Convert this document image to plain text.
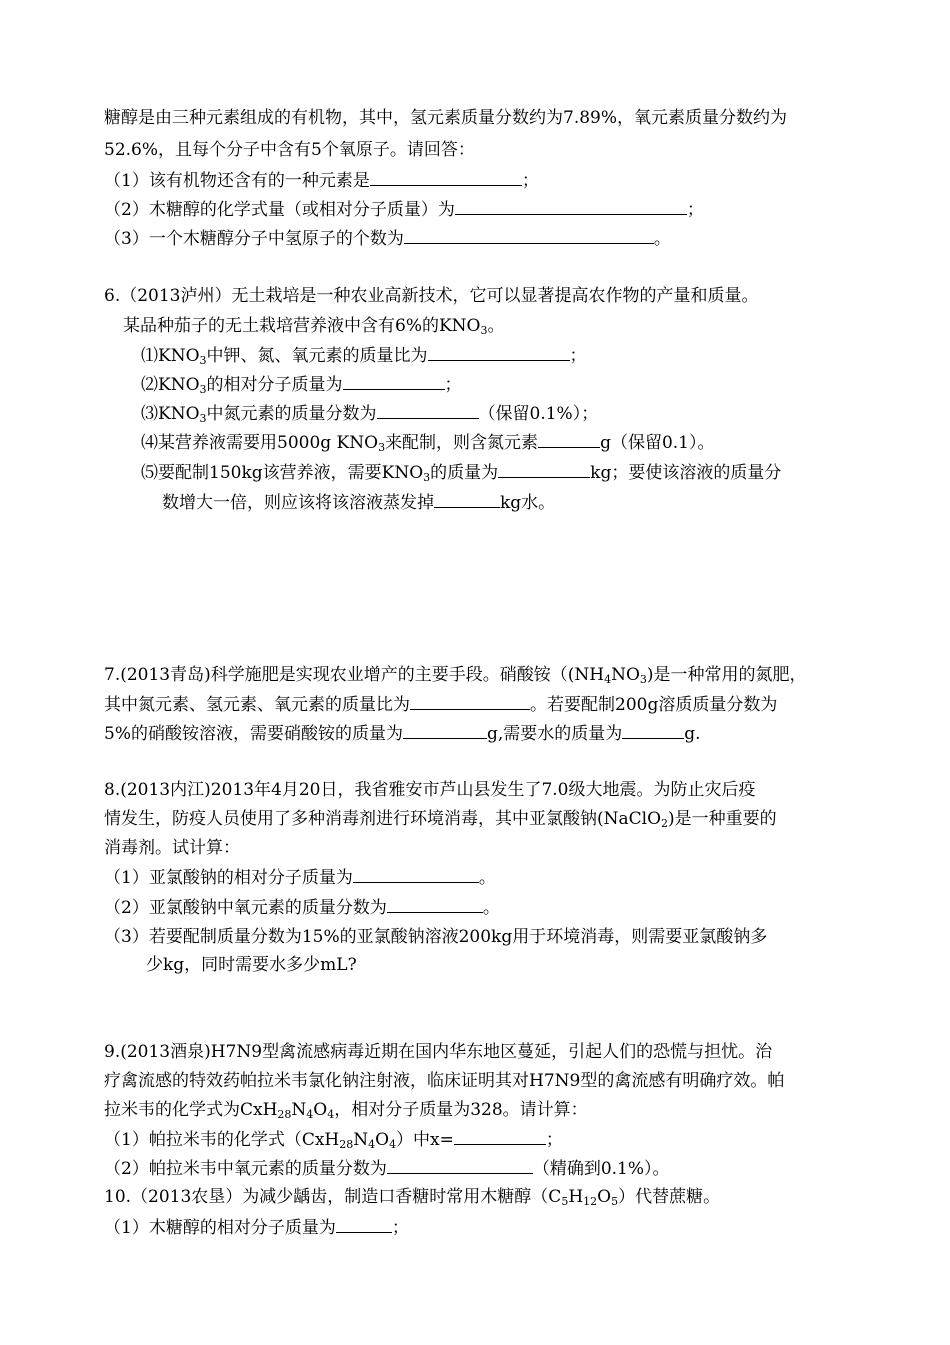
糖醇是由三种元素组成的有机物，其中，氢元素质量分数约为7.89%，氧元素质量分数约为
52.6%，且每个分子中含有5个氧原子。请回答：
（1）该有机物还含有的一种元素是	；
（2）木糖醇的化学式量（或相对分子质量）为	；
（3）一个木糖醇分子中氢原子的个数为	。
6.（2013泸州）无土栽培是一种农业高新技术，它可以显著提高农作物的产量和质量。
某品种茄子的无土栽培营养液中含有6%的$KNO_3$。
$⑴KNO_3$中钾、氮、氧元素的质量比为	；
$⑵KNO_3$的相对分子质量为	；
$⑶KNO_3$中氮元素的质量分数为	（保留0.1%）；
⑷某营养液需要用5000g $KNO_3$来配制，则含氮元素	g（保留0.1）。
⑸要配制150kg该营养液，需要$KNO_3$的质量为	kg；要使该溶液的质量分
数增大一倍，则应该将该溶液蒸发掉	kg水。
7.(2013青岛)科学施肥是实现农业增产的主要手段。硝酸铵（$(NH_4NO_3)$是一种常用的氮肥，
其中氮元素、氢元素、氧元素的质量比为	。若要配制200g溶质质量分数为
5%的硝酸铵溶液，需要硝酸铵的质量为	g,需要水的质量为	g.
8.(2013内江)2013年4月20日，我省雅安市芦山县发生了7.0级大地震。为防止灾后疫
情发生，防疫人员使用了多种消毒剂进行环境消毒，其中亚氯酸钠(NaClO$_2$)是一种重要的
消毒剂。试计算：
（1）亚氯酸钠的相对分子质量为	。
（2）亚氯酸钠中氧元素的质量分数为	。
（3）若要配制质量分数为15%的亚氯酸钠溶液200kg用于环境消毒，则需要亚氯酸钠多
少kg，同时需要水多少mL?
9.(2013酒泉)H7N9型禽流感病毒近期在国内华东地区蔓延，引起人们的恐慌与担忧。治
疗禽流感的特效药帕拉米韦氯化钠注射液，临床证明其对H7N9型的禽流感有明确疗效。帕
拉米韦的化学式为$CxH_{28}N_4O_4$，相对分子质量为328。请计算：
（1）帕拉米韦的化学式$(CxH_{28}N_4O_4)$中x=	；
（2）帕拉米韦中氧元素的质量分数为	（精确到0.1%）。
10.（2013农垦）为减少龋齿，制造口香糖时常用木糖醇$(C_5H_{12}O_5)$代替蔗糖。
（1）木糖醇的相对分子质量为	；
